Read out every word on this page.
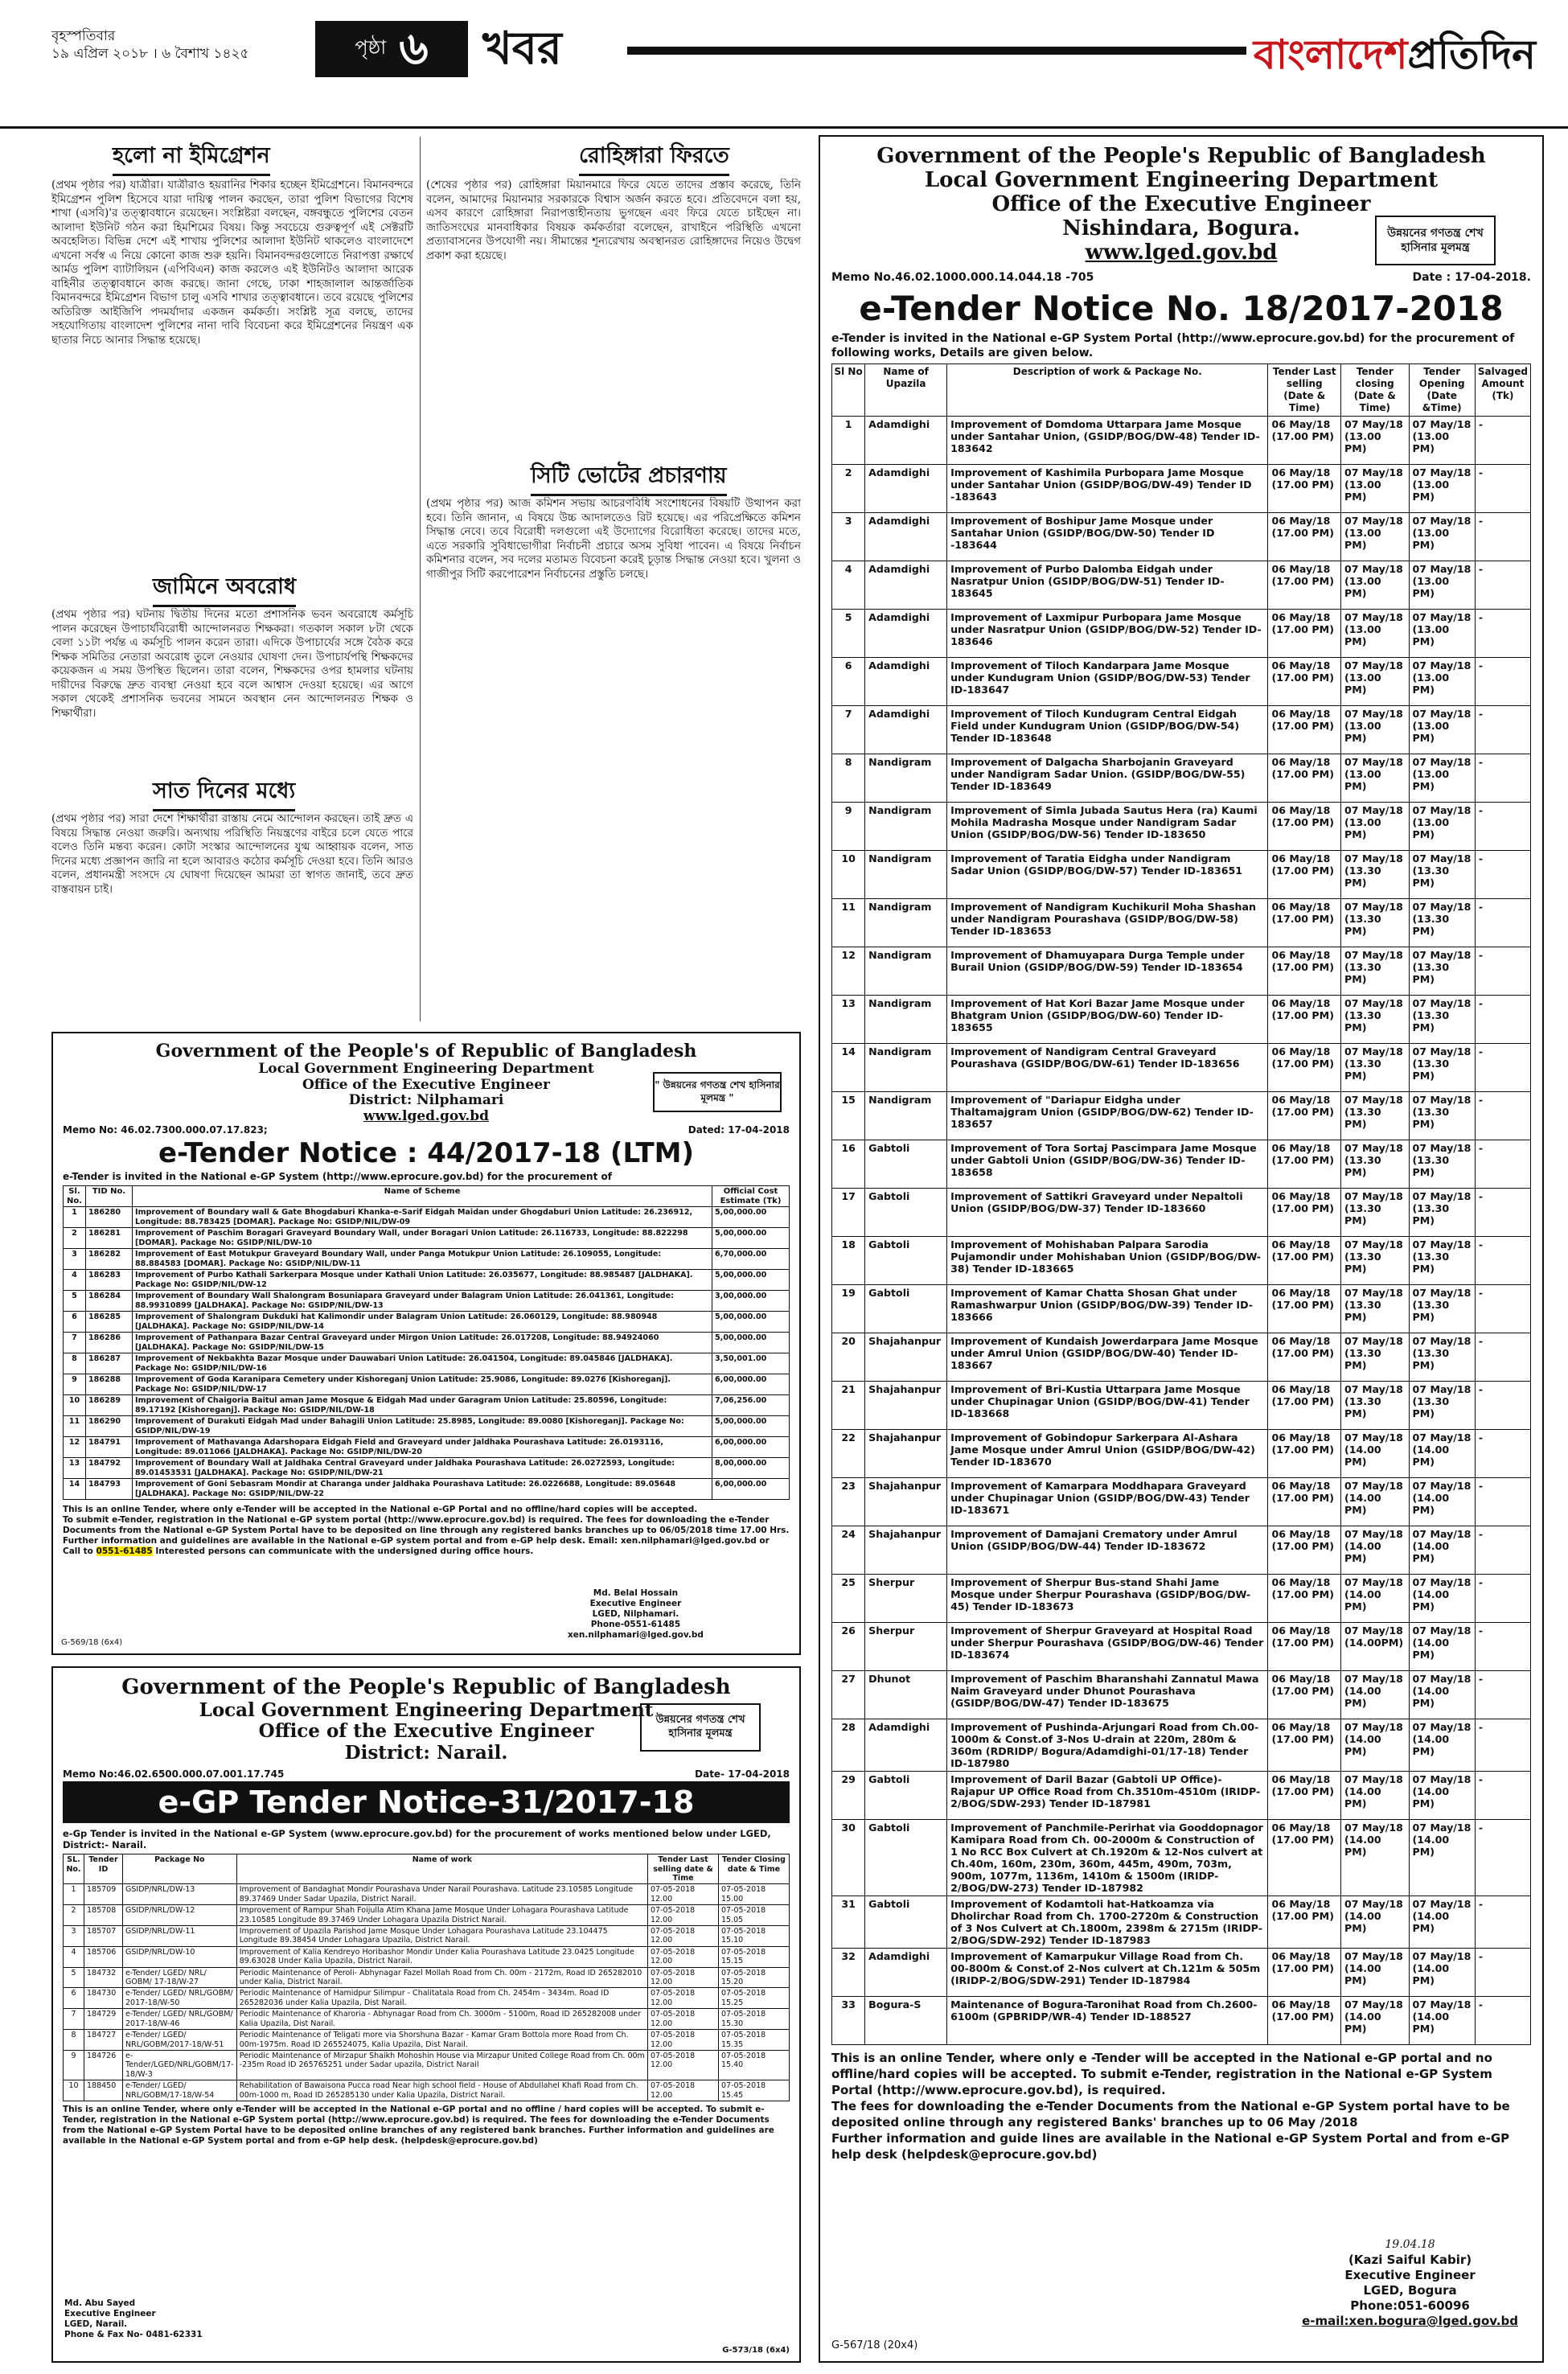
বৃহস্পতিবার
১৯ এপ্রিল ২০১৮ । ৬ বৈশাখ ১৪২৫	পৃষ্ঠা ৬ খবর	বাংলাদেশপ্রতিদিন
হলো না ইমিগ্রেশন
(প্রথম পৃষ্ঠার পর) যাত্রীরা। যাত্রীরাও হয়রানির শিকার হচ্ছেন ইমিগ্রেশনে। বিমানবন্দরে ইমিগ্রেশন পুলিশ হিসেবে যারা দায়িত্ব পালন করছেন, তারা পুলিশ বিভাগের বিশেষ শাখা (এসবি)'র তত্ত্বাবধানে রয়েছেন। সংশ্লিষ্টরা বলছেন, বঙ্গবন্ধুতে পুলিশের বেতন আলাদা ইউনিট গঠন করা হিমশিমের বিষয়। কিন্তু সবচেয়ে গুরুত্বপূর্ণ এই সেক্টরটি অবহেলিত। বিভিন্ন দেশে এই শাখায় পুলিশের আলাদা ইউনিট থাকলেও বাংলাদেশে এখনো সর্বস্ব এ নিয়ে কোনো কাজ শুরু হয়নি। বিমানবন্দরগুলোতে নিরাপত্তা রক্ষার্থে আর্মড পুলিশ ব্যাটালিয়ন (এপিবিএন) কাজ করলেও এই ইউনিটও আলাদা আরেক বাহিনীর তত্ত্বাবধানে কাজ করছে। জানা গেছে, ঢাকা শাহজালাল আন্তর্জাতিক বিমানবন্দরে ইমিগ্রেশন বিভাগ চালু এসবি শাখার তত্ত্বাবধানে। তবে রয়েছে পুলিশের অতিরিক্ত আইজিপি পদমর্যাদার একজন কর্মকর্তা। সংশ্লিষ্ট সূত্র বলছে, তাদের সহযোগিতায় বাংলাদেশ পুলিশের নানা দাবি বিবেচনা করে ইমিগ্রেশনের নিয়ন্ত্রণ এক ছাতার নিচে আনার সিদ্ধান্ত হয়েছে।
জামিনে অবরোধ
(প্রথম পৃষ্ঠার পর) ঘটনায় দ্বিতীয় দিনের মতো প্রশাসনিক ভবন অবরোধে কর্মসূচি পালন করেছেন উপাচার্যবিরোধী আন্দোলনরত শিক্ষকরা। গতকাল সকাল ৮টা থেকে বেলা ১১টা পর্যন্ত এ কর্মসূচি পালন করেন তারা। এদিকে উপাচার্যের সঙ্গে বৈঠক করে শিক্ষক সমিতির নেতারা অবরোধ তুলে নেওয়ার ঘোষণা দেন। উপাচার্যপন্থি শিক্ষকদের কয়েকজন এ সময় উপস্থিত ছিলেন। তারা বলেন, শিক্ষকদের ওপর হামলার ঘটনায় দায়ীদের বিরুদ্ধে দ্রুত ব্যবস্থা নেওয়া হবে বলে আশ্বাস দেওয়া হয়েছে। এর আগে সকাল থেকেই প্রশাসনিক ভবনের সামনে অবস্থান নেন আন্দোলনরত শিক্ষক ও শিক্ষার্থীরা।
সাত দিনের মধ্যে
(প্রথম পৃষ্ঠার পর) সারা দেশে শিক্ষার্থীরা রাস্তায় নেমে আন্দোলন করছেন। তাই দ্রুত এ বিষয়ে সিদ্ধান্ত নেওয়া জরুরি। অন্যথায় পরিস্থিতি নিয়ন্ত্রণের বাইরে চলে যেতে পারে বলেও তিনি মন্তব্য করেন। কোটা সংস্কার আন্দোলনের যুগ্ম আহ্বায়ক বলেন, সাত দিনের মধ্যে প্রজ্ঞাপন জারি না হলে আবারও কঠোর কর্মসূচি দেওয়া হবে। তিনি আরও বলেন, প্রধানমন্ত্রী সংসদে যে ঘোষণা দিয়েছেন আমরা তা স্বাগত জানাই, তবে দ্রুত বাস্তবায়ন চাই।
রোহিঙ্গারা ফিরতে
(শেষের পৃষ্ঠার পর) রোহিঙ্গারা মিয়ানমারে ফিরে যেতে তাদের প্রস্তাব করেছে, তিনি বলেন, আমাদের মিয়ানমার সরকারকে বিশ্বাস অর্জন করতে হবে। প্রতিবেদনে বলা হয়, এসব কারণে রোহিঙ্গারা নিরাপত্তাহীনতায় ভুগছেন এবং ফিরে যেতে চাইছেন না। জাতিসংঘের মানবাধিকার বিষয়ক কর্মকর্তারা বলেছেন, রাখাইনে পরিস্থিতি এখনো প্রত্যাবাসনের উপযোগী নয়। সীমান্তের শূন্যরেখায় অবস্থানরত রোহিঙ্গাদের নিয়েও উদ্বেগ প্রকাশ করা হয়েছে।
সিটি ভোটের প্রচারণায়
(প্রথম পৃষ্ঠার পর) আজ কমিশন সভায় আচরণবিধি সংশোধনের বিষয়টি উত্থাপন করা হবে। তিনি জানান, এ বিষয়ে উচ্চ আদালতেও রিট হয়েছে। এর পরিপ্রেক্ষিতে কমিশন সিদ্ধান্ত নেবে। তবে বিরোধী দলগুলো এই উদ্যোগের বিরোধিতা করেছে। তাদের মতে, এতে সরকারি সুবিধাভোগীরা নির্বাচনী প্রচারে অসম সুবিধা পাবেন। এ বিষয়ে নির্বাচন কমিশনার বলেন, সব দলের মতামত বিবেচনা করেই চূড়ান্ত সিদ্ধান্ত নেওয়া হবে। খুলনা ও গাজীপুর সিটি করপোরেশন নির্বাচনের প্রস্তুতি চলছে।
Government of the People's Republic of Bangladesh
Local Government Engineering Department
Office of the Executive Engineer
Nishindara, Bogura.
www.lged.gov.bd
উন্নয়নের গণতন্ত্র শেখ হাসিনার মূলমন্ত্র
Memo No.46.02.1000.000.14.044.18 -705	Date : 17-04-2018.
e-Tender Notice No. 18/2017-2018
e-Tender is invited in the National e-GP System Portal (http://www.eprocure.gov.bd) for the procurement of following works, Details are given below.
Sl No	Name of Upazila	Description of work & Package No.	Tender Last selling (Date & Time)	Tender closing (Date & Time)	Tender Opening (Date &Time)	Salvaged Amount (Tk)
1	Adamdighi	Improvement of Domdoma Uttarpara Jame Mosque under Santahar Union, (GSIDP/BOG/DW-48) Tender ID-183642	06 May/18 (17.00 PM)	07 May/18 (13.00 PM)	07 May/18 (13.00 PM)	-
2	Adamdighi	Improvement of Kashimila Purbopara Jame Mosque under Santahar Union (GSIDP/BOG/DW-49) Tender ID -183643	06 May/18 (17.00 PM)	07 May/18 (13.00 PM)	07 May/18 (13.00 PM)	-
3	Adamdighi	Improvement of Boshipur Jame Mosque under Santahar Union (GSIDP/BOG/DW-50) Tender ID -183644	06 May/18 (17.00 PM)	07 May/18 (13.00 PM)	07 May/18 (13.00 PM)	-
4	Adamdighi	Improvement of Purbo Dalomba Eidgah under Nasratpur Union (GSIDP/BOG/DW-51) Tender ID-183645	06 May/18 (17.00 PM)	07 May/18 (13.00 PM)	07 May/18 (13.00 PM)	-
5	Adamdighi	Improvement of Laxmipur Purbopara Jame Mosque under Nasratpur Union (GSIDP/BOG/DW-52) Tender ID-183646	06 May/18 (17.00 PM)	07 May/18 (13.00 PM)	07 May/18 (13.00 PM)	-
6	Adamdighi	Improvement of Tiloch Kandarpara Jame Mosque under Kundugram Union (GSIDP/BOG/DW-53) Tender ID-183647	06 May/18 (17.00 PM)	07 May/18 (13.00 PM)	07 May/18 (13.00 PM)	-
7	Adamdighi	Improvement of Tiloch Kundugram Central Eidgah Field under Kundugram Union (GSIDP/BOG/DW-54) Tender ID-183648	06 May/18 (17.00 PM)	07 May/18 (13.00 PM)	07 May/18 (13.00 PM)	-
8	Nandigram	Improvement of Dalgacha Sharbojanin Graveyard under Nandigram Sadar Union. (GSIDP/BOG/DW-55) Tender ID-183649	06 May/18 (17.00 PM)	07 May/18 (13.00 PM)	07 May/18 (13.00 PM)	-
9	Nandigram	Improvement of Simla Jubada Sautus Hera (ra) Kaumi Mohila Madrasha Mosque under Nandigram Sadar Union (GSIDP/BOG/DW-56) Tender ID-183650	06 May/18 (17.00 PM)	07 May/18 (13.00 PM)	07 May/18 (13.00 PM)	-
10	Nandigram	Improvement of Taratia Eidgha under Nandigram Sadar Union (GSIDP/BOG/DW-57) Tender ID-183651	06 May/18 (17.00 PM)	07 May/18 (13.30 PM)	07 May/18 (13.30 PM)	-
11	Nandigram	Improvement of Nandigram Kuchikuril Moha Shashan under Nandigram Pourashava (GSIDP/BOG/DW-58) Tender ID-183653	06 May/18 (17.00 PM)	07 May/18 (13.30 PM)	07 May/18 (13.30 PM)	-
12	Nandigram	Improvement of Dhamuyapara Durga Temple under Burail Union (GSIDP/BOG/DW-59) Tender ID-183654	06 May/18 (17.00 PM)	07 May/18 (13.30 PM)	07 May/18 (13.30 PM)	-
13	Nandigram	Improvement of Hat Kori Bazar Jame Mosque under Bhatgram Union (GSIDP/BOG/DW-60) Tender ID-183655	06 May/18 (17.00 PM)	07 May/18 (13.30 PM)	07 May/18 (13.30 PM)	-
14	Nandigram	Improvement of Nandigram Central Graveyard Pourashava (GSIDP/BOG/DW-61) Tender ID-183656	06 May/18 (17.00 PM)	07 May/18 (13.30 PM)	07 May/18 (13.30 PM)	-
15	Nandigram	Improvement of "Dariapur Eidgha under Thaltamajgram Union (GSIDP/BOG/DW-62) Tender ID-183657	06 May/18 (17.00 PM)	07 May/18 (13.30 PM)	07 May/18 (13.30 PM)	-
16	Gabtoli	Improvement of Tora Sortaj Pascimpara Jame Mosque under Gabtoli Union (GSIDP/BOG/DW-36) Tender ID-183658	06 May/18 (17.00 PM)	07 May/18 (13.30 PM)	07 May/18 (13.30 PM)	-
17	Gabtoli	Improvement of Sattikri Graveyard under Nepaltoli Union (GSIDP/BOG/DW-37) Tender ID-183660	06 May/18 (17.00 PM)	07 May/18 (13.30 PM)	07 May/18 (13.30 PM)	-
18	Gabtoli	Improvement of Mohishaban Palpara Sarodia Pujamondir under Mohishaban Union (GSIDP/BOG/DW-38) Tender ID-183665	06 May/18 (17.00 PM)	07 May/18 (13.30 PM)	07 May/18 (13.30 PM)	-
19	Gabtoli	Improvement of Kamar Chatta Shosan Ghat under Ramashwarpur Union (GSIDP/BOG/DW-39) Tender ID-183666	06 May/18 (17.00 PM)	07 May/18 (13.30 PM)	07 May/18 (13.30 PM)	-
20	Shajahanpur	Improvement of Kundaish Jowerdarpara Jame Mosque under Amrul Union (GSIDP/BOG/DW-40) Tender ID-183667	06 May/18 (17.00 PM)	07 May/18 (13.30 PM)	07 May/18 (13.30 PM)	-
21	Shajahanpur	Improvement of Bri-Kustia Uttarpara Jame Mosque under Chupinagar Union (GSIDP/BOG/DW-41) Tender ID-183668	06 May/18 (17.00 PM)	07 May/18 (13.30 PM)	07 May/18 (13.30 PM)	-
22	Shajahanpur	Improvement of Gobindopur Sarkerpara Al-Ashara Jame Mosque under Amrul Union (GSIDP/BOG/DW-42) Tender ID-183670	06 May/18 (17.00 PM)	07 May/18 (14.00 PM)	07 May/18 (14.00 PM)	-
23	Shajahanpur	Improvement of Kamarpara Moddhapara Graveyard under Chupinagar Union (GSIDP/BOG/DW-43) Tender ID-183671	06 May/18 (17.00 PM)	07 May/18 (14.00 PM)	07 May/18 (14.00 PM)	-
24	Shajahanpur	Improvement of Damajani Crematory under Amrul Union (GSIDP/BOG/DW-44) Tender ID-183672	06 May/18 (17.00 PM)	07 May/18 (14.00 PM)	07 May/18 (14.00 PM)	-
25	Sherpur	Improvement of Sherpur Bus-stand Shahi Jame Mosque under Sherpur Pourashava (GSIDP/BOG/DW-45) Tender ID-183673	06 May/18 (17.00 PM)	07 May/18 (14.00 PM)	07 May/18 (14.00 PM)	-
26	Sherpur	Improvement of Sherpur Graveyard at Hospital Road under Sherpur Pourashava (GSIDP/BOG/DW-46) Tender ID-183674	06 May/18 (17.00 PM)	07 May/18 (14.00PM)	07 May/18 (14.00 PM)	-
27	Dhunot	Improvement of Paschim Bharanshahi Zannatul Mawa Naim Graveyard under Dhunot Pourashava (GSIDP/BOG/DW-47) Tender ID-183675	06 May/18 (17.00 PM)	07 May/18 (14.00 PM)	07 May/18 (14.00 PM)	-
28	Adamdighi	Improvement of Pushinda-Arjungari Road from Ch.00-1000m & Const.of 3-Nos U-drain at 220m, 280m & 360m (RDRIDP/ Bogura/Adamdighi-01/17-18) Tender ID-187980	06 May/18 (17.00 PM)	07 May/18 (14.00 PM)	07 May/18 (14.00 PM)	-
29	Gabtoli	Improvement of Daril Bazar (Gabtoli UP Office)- Rajapur UP Office Road from Ch.3510m-4510m (IRIDP-2/BOG/SDW-293) Tender ID-187981	06 May/18 (17.00 PM)	07 May/18 (14.00 PM)	07 May/18 (14.00 PM)	-
30	Gabtoli	Improvement of Panchmile-Perirhat via Gooddopnagor Kamipara Road from Ch. 00-2000m & Construction of 1 No RCC Box Culvert at Ch.1920m & 12-Nos culvert at Ch.40m, 160m, 230m, 360m, 445m, 490m, 703m, 900m, 1077m, 1136m, 1410m & 1500m (IRIDP-2/BOG/DW-273) Tender ID-187982	06 May/18 (17.00 PM)	07 May/18 (14.00 PM)	07 May/18 (14.00 PM)	-
31	Gabtoli	Improvement of Kodamtoli hat-Hatkoamza via Dholirchar Road from Ch. 1700-2720m & Construction of 3 Nos Culvert at Ch.1800m, 2398m & 2715m (IRIDP-2/BOG/SDW-292) Tender ID-187983	06 May/18 (17.00 PM)	07 May/18 (14.00 PM)	07 May/18 (14.00 PM)	-
32	Adamdighi	Improvement of Kamarpukur Village Road from Ch. 00-800m & Const.of 2-Nos culvert at Ch.121m & 505m (IRIDP-2/BOG/SDW-291) Tender ID-187984	06 May/18 (17.00 PM)	07 May/18 (14.00 PM)	07 May/18 (14.00 PM)	-
33	Bogura-S	Maintenance of Bogura-Taronihat Road from Ch.2600-6100m (GPBRIDP/WR-4) Tender ID-188527	06 May/18 (17.00 PM)	07 May/18 (14.00 PM)	07 May/18 (14.00 PM)	-
This is an online Tender, where only e -Tender will be accepted in the National e-GP portal and no offline/hard copies will be accepted. To submit e-Tender, registration in the National e-GP System Portal (http://www.eprocure.gov.bd), is required.
The fees for downloading the e-Tender Documents from the National e-GP System portal have to be deposited online through any registered Banks' branches up to 06 May /2018
Further information and guide lines are available in the National e-GP System Portal and from e-GP help desk (helpdesk@eprocure.gov.bd)
19.04.18
(Kazi Saiful Kabir)
Executive Engineer
LGED, Bogura
Phone:051-60096
e-mail:xen.bogura@lged.gov.bd
G-567/18 (20x4)
Government of the People's of Republic of Bangladesh
Local Government Engineering Department
Office of the Executive Engineer
District: Nilphamari
www.lged.gov.bd
" উন্নয়নের গণতন্ত্র শেখ হাসিনার মূলমন্ত্র "
Memo No: 46.02.7300.000.07.17.823;	Dated: 17-04-2018
e-Tender Notice : 44/2017-18 (LTM)
e-Tender is invited in the National e-GP System (http://www.eprocure.gov.bd) for the procurement of
Sl. No.	TID No.	Name of Scheme	Official Cost Estimate (Tk)
1	186280	Improvement of Boundary wall & Gate Bhogdaburi Khanka-e-Sarif Eidgah Maidan under Ghogdaburi Union Latitude: 26.236912, Longitude: 88.783425 [DOMAR]. Package No: GSIDP/NIL/DW-09	5,00,000.00
2	186281	Improvement of Paschim Boragari Graveyard Boundary Wall, under Boragari Union Latitude: 26.116733, Longitude: 88.822298 [DOMAR]. Package No: GSIDP/NIL/DW-10	5,00,000.00
3	186282	Improvement of East Motukpur Graveyard Boundary Wall, under Panga Motukpur Union Latitude: 26.109055, Longitude: 88.884583 [DOMAR]. Package No: GSIDP/NIL/DW-11	6,70,000.00
4	186283	Improvement of Purbo Kathali Sarkerpara Mosque under Kathali Union Latitude: 26.035677, Longitude: 88.985487 [JALDHAKA]. Package No: GSIDP/NIL/DW-12	5,00,000.00
5	186284	Improvement of Boundary Wall Shalongram Bosuniapara Graveyard under Balagram Union Latitude: 26.041361, Longitude: 88.99310899 [JALDHAKA]. Package No: GSIDP/NIL/DW-13	3,00,000.00
6	186285	Improvement of Shalongram Dukduki hat Kalimondir under Balagram Union Latitude: 26.060129, Longitude: 88.980948 [JALDHAKA]. Package No: GSIDP/NIL/DW-14	5,00,000.00
7	186286	Improvement of Pathanpara Bazar Central Graveyard under Mirgon Union Latitude: 26.017208, Longitude: 88.94924060 [JALDHAKA]. Package No: GSIDP/NIL/DW-15	5,00,000.00
8	186287	Improvement of Nekbakhta Bazar Mosque under Dauwabari Union Latitude: 26.041504, Longitude: 89.045846 [JALDHAKA]. Package No: GSIDP/NIL/DW-16	3,50,001.00
9	186288	Improvement of Goda Karanipara Cemetery under Kishoreganj Union Latitude: 25.9086, Longitude: 89.0276 [Kishoreganj]. Package No: GSIDP/NIL/DW-17	6,00,000.00
10	186289	Improvement of Chaigoria Baitul aman Jame Mosque & Eidgah Mad under Garagram Union Latitude: 25.80596, Longitude: 89.17192 [Kishoreganj]. Package No: GSIDP/NIL/DW-18	7,06,256.00
11	186290	Improvement of Durakuti Eidgah Mad under Bahagili Union Latitude: 25.8985, Longitude: 89.0080 [Kishoreganj]. Package No: GSIDP/NIL/DW-19	5,00,000.00
12	184791	Improvement of Mathavanga Adarshopara Eidgah Field and Graveyard under Jaldhaka Pourashava Latitude: 26.0193116, Longitude: 89.011066 [JALDHAKA]. Package No: GSIDP/NIL/DW-20	6,00,000.00
13	184792	Improvement of Boundary Wall at Jaldhaka Central Graveyard under Jaldhaka Pourashava Latitude: 26.0272593, Longitude: 89.01453531 [JALDHAKA]. Package No: GSIDP/NIL/DW-21	8,00,000.00
14	184793	Improvement of Goni Sebasram Mondir at Charanga under Jaldhaka Pourashava Latitude: 26.0226688, Longitude: 89.05648 [JALDHAKA]. Package No: GSIDP/NIL/DW-22	6,00,000.00
This is an online Tender, where only e-Tender will be accepted in the National e-GP Portal and no offline/hard copies will be accepted.
To submit e-Tender, registration in the National e-GP system portal (http://www.eprocure.gov.bd) is required. The fees for downloading the e-Tender Documents from the National e-GP System Portal have to be deposited on line through any registered banks branches up to 06/05/2018 time 17.00 Hrs.
Further information and guidelines are available in the National e-GP system portal and from e-GP help desk. Email: xen.nilphamari@lged.gov.bd or Call to 0551-61485 Interested persons can communicate with the undersigned during office hours.
Md. Belal Hossain
Executive Engineer
LGED, Nilphamari.
Phone-0551-61485
xen.nilphamari@lged.gov.bd
G-569/18 (6x4)
Government of the People's Republic of Bangladesh
Local Government Engineering Department
Office of the Executive Engineer
District: Narail.
উন্নয়নের গণতন্ত্র শেখ হাসিনার মূলমন্ত্র
Memo No:46.02.6500.000.07.001.17.745	Date- 17-04-2018
e-GP Tender Notice-31/2017-18
e-Gp Tender is invited in the National e-GP System (www.eprocure.gov.bd) for the procurement of works mentioned below under LGED, District:- Narail.
SL. No.	Tender ID	Package No	Name of work	Tender Last selling date & Time	Tender Closing date & Time
1	185709	GSIDP/NRL/DW-13	Improvement of Bandaghat Mondir Pourashava Under Narail Pourashava. Latitude 23.10585 Longitude 89.37469 Under Sadar Upazila, District Narail.	07-05-2018 12.00	07-05-2018 15.00
2	185708	GSIDP/NRL/DW-12	Improvement of Rampur Shah Foijulla Atim Khana Jame Mosque Under Lohagara Pourashava Latitude 23.10585 Longitude 89.37469 Under Lohagara Upazila District Narail.	07-05-2018 12.00	07-05-2018 15.05
3	185707	GSIDP/NRL/DW-11	Improvement of Upazila Parishod Jame Mosque Under Lohagara Pourashava Latitude 23.104475 Longitude 89.38454 Under Lohagara Upazila, District Narail.	07-05-2018 12.00	07-05-2018 15.10
4	185706	GSIDP/NRL/DW-10	Improvement of Kalia Kendreyo Horibashor Mondir Under Kalia Pourashava Latitude 23.0425 Longitude 89.63028 Under Kalia Upazila, District Narail.	07-05-2018 12.00	07-05-2018 15.15
5	184732	e-Tender/ LGED/ NRL/ GOBM/ 17-18/W-27	Periodic Maintenance of Peroli- Abhynagar Fazel Mollah Road from Ch. 00m - 2172m, Road ID 265282010 under Kalia, District Narail.	07-05-2018 12.00	07-05-2018 15.20
6	184730	e-Tender/ LGED/ NRL/GOBM/ 2017-18/W-50	Periodic Maintenance of Hamidpur Silimpur - Chalitatala Road from Ch. 2454m - 3434m. Road ID 265282036 under Kalia Upazila, Dist Narail.	07-05-2018 12.00	07-05-2018 15.25
7	184729	e-Tender/ LGED/ NRL/GOBM/ 2017-18/W-46	Periodic Maintenance of Kharoria - Abhynagar Road from Ch. 3000m - 5100m, Road ID 265282008 under Kalia Upazila, Dist Narail.	07-05-2018 12.00	07-05-2018 15.30
8	184727	e-Tender/ LGED/ NRL/GOBM/2017-18/W-51	Periodic Maintenance of Teligati more via Shorshuna Bazar - Kamar Gram Bottola more Road from Ch. 00m-1975m. Road ID 265524075, Kalia Upazila, Dist Narail.	07-05-2018 12.00	07-05-2018 15.35
9	184726	e-Tender/LGED/NRL/GOBM/17-18/W-3	Periodic Maintenance of Mirzapur Shaikh Mohoshin House via Mirzapur United College Road from Ch. 00m -235m Road ID 265765251 under Sadar upazila, District Narail	07-05-2018 12.00	07-05-2018 15.40
10	188450	e-Tender/ LGED/ NRL/GOBM/17-18/W-54	Rehabilitation of Bawaisona Pucca road Near high school field - House of Abdullahel Khafi Road from Ch. 00m-1000 m, Road ID 265285130 under Kalia Upazila, District Narail.	07-05-2018 12.00	07-05-2018 15.45
This is an online Tender, where only e-Tender will be accepted in the National e-GP portal and no offline / hard copies will be accepted. To submit e-Tender, registration in the National e-GP System portal (http://www.eprocure.gov.bd) is required. The fees for downloading the e-Tender Documents from the National e-GP System Portal have to be deposited online branches of any registered bank branches. Further information and guidelines are available in the National e-GP System portal and from e-GP help desk. (helpdesk@eprocure.gov.bd)
Md. Abu Sayed
Executive Engineer
LGED, Narail.
Phone & Fax No- 0481-62331
G-573/18 (6x4)
